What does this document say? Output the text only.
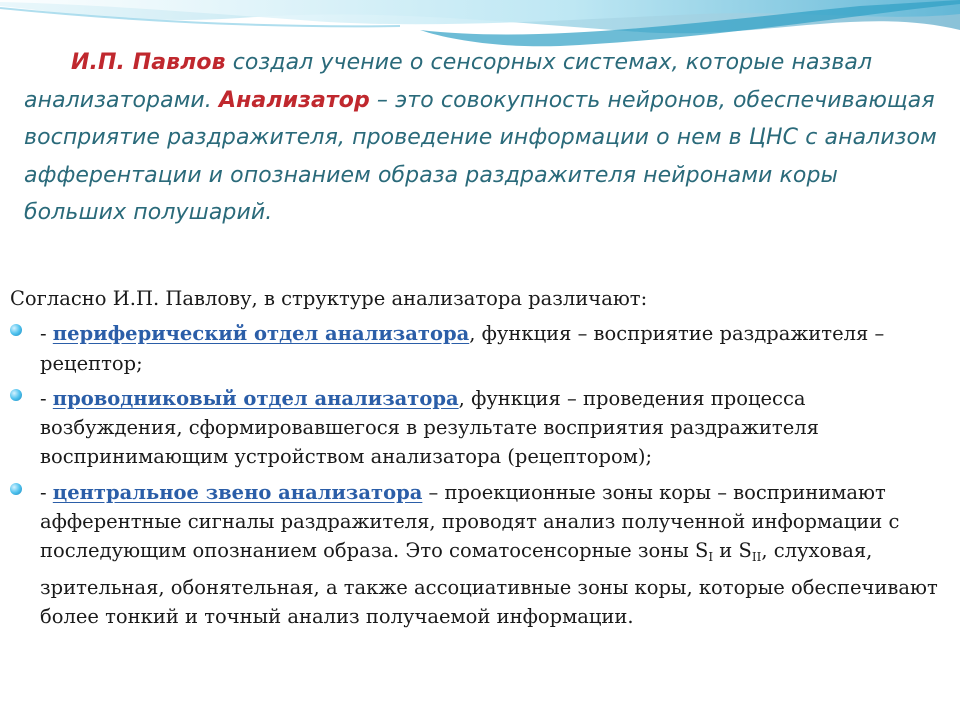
И.П. Павлов создал учение о сенсорных системах, которые назвал анализаторами. Анализатор – это совокупность нейронов, обеспечивающая восприятие раздражителя, проведение информации о нем в ЦНС с анализом афферентации и опознанием образа раздражителя нейронами коры больших полушарий.

Согласно И.П. Павлову, в структуре анализатора различают:

- периферический отдел анализатора, функция – восприятие раздражителя – рецептор;
- проводниковый отдел анализатора, функция – проведения процесса возбуждения, сформировавшегося в результате восприятия раздражителя воспринимающим устройством анализатора (рецептором);
- центральное звено анализатора – проекционные зоны коры – воспринимают афферентные сигналы раздражителя, проводят анализ полученной информации с последующим опознанием образа. Это соматосенсорные зоны $S_I$ и $S_{II}$, слуховая, зрительная, обонятельная, а также ассоциативные зоны коры, которые обеспечивают более тонкий и точный анализ получаемой информации.
